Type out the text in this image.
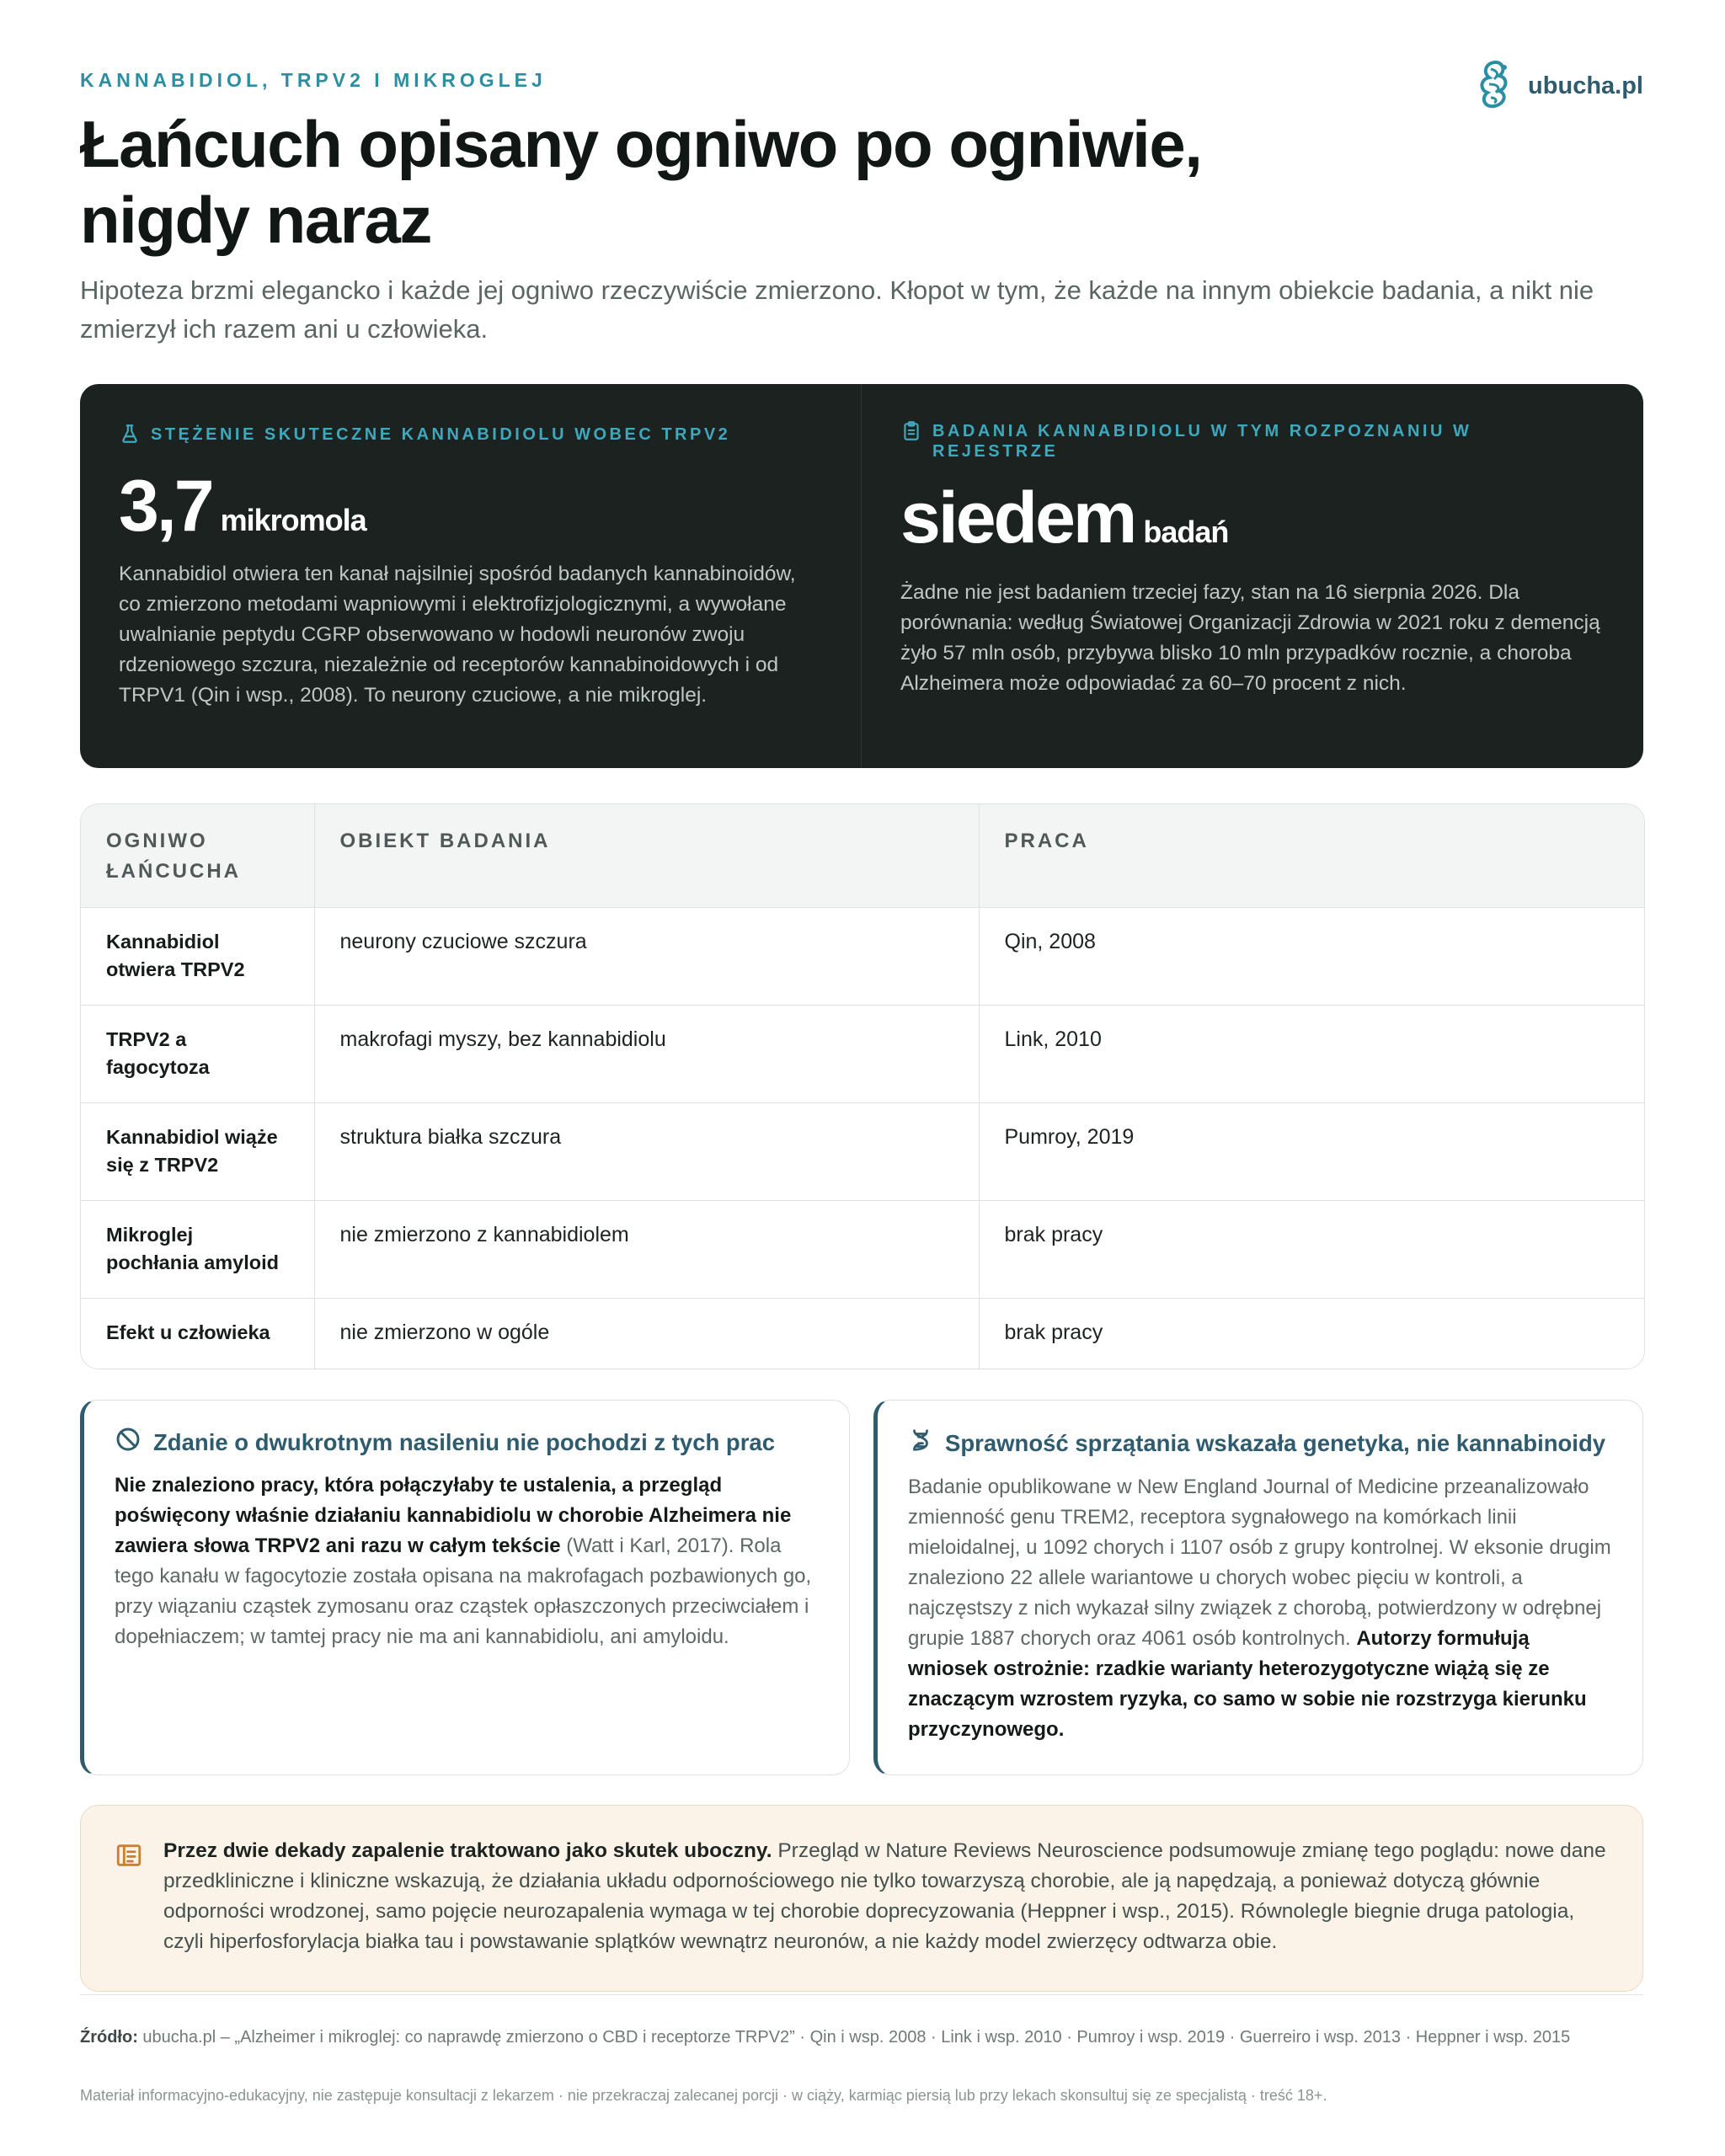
KANNABIDIOL, TRPV2 I MIKROGLEJ	ubucha.pl
Łańcuch opisany ogniwo po ogniwie,
nigdy naraz
Hipoteza brzmi elegancko i każde jej ogniwo rzeczywiście zmierzono. Kłopot w tym, że każde na innym obiekcie badania, a nikt nie zmierzył ich razem ani u człowieka.
STĘŻENIE SKUTECZNE KANNABIDIOLU WOBEC TRPV2
3,7 mikromola
Kannabidiol otwiera ten kanał najsilniej spośród badanych kannabinoidów, co zmierzono metodami wapniowymi i elektrofizjologicznymi, a wywołane uwalnianie peptydu CGRP obserwowano w hodowli neuronów zwoju rdzeniowego szczura, niezależnie od receptorów kannabinoidowych i od TRPV1 (Qin i wsp., 2008). To neurony czuciowe, a nie mikroglej.
BADANIA KANNABIDIOLU W TYM ROZPOZNANIU W REJESTRZE
siedem badań
Żadne nie jest badaniem trzeciej fazy, stan na 16 sierpnia 2026. Dla porównania: według Światowej Organizacji Zdrowia w 2021 roku z demencją żyło 57 mln osób, przybywa blisko 10 mln przypadków rocznie, a choroba Alzheimera może odpowiadać za 60–70 procent z nich.
OGNIWO ŁAŃCUCHA	OBIEKT BADANIA	PRACA
Kannabidiol otwiera TRPV2	neurony czuciowe szczura	Qin, 2008
TRPV2 a fagocytoza	makrofagi myszy, bez kannabidiolu	Link, 2010
Kannabidiol wiąże się z TRPV2	struktura białka szczura	Pumroy, 2019
Mikroglej pochłania amyloid	nie zmierzono z kannabidiolem	brak pracy
Efekt u człowieka	nie zmierzono w ogóle	brak pracy
Zdanie o dwukrotnym nasileniu nie pochodzi z tych prac
Nie znaleziono pracy, która połączyłaby te ustalenia, a przegląd poświęcony właśnie działaniu kannabidiolu w chorobie Alzheimera nie zawiera słowa TRPV2 ani razu w całym tekście (Watt i Karl, 2017). Rola tego kanału w fagocytozie została opisana na makrofagach pozbawionych go, przy wiązaniu cząstek zymosanu oraz cząstek opłaszczonych przeciwciałem i dopełniaczem; w tamtej pracy nie ma ani kannabidiolu, ani amyloidu.
Sprawność sprzątania wskazała genetyka, nie kannabinoidy
Badanie opublikowane w New England Journal of Medicine przeanalizowało zmienność genu TREM2, receptora sygnałowego na komórkach linii mieloidalnej, u 1092 chorych i 1107 osób z grupy kontrolnej. W eksonie drugim znaleziono 22 allele wariantowe u chorych wobec pięciu w kontroli, a najczęstszy z nich wykazał silny związek z chorobą, potwierdzony w odrębnej grupie 1887 chorych oraz 4061 osób kontrolnych. Autorzy formułują wniosek ostrożnie: rzadkie warianty heterozygotyczne wiążą się ze znaczącym wzrostem ryzyka, co samo w sobie nie rozstrzyga kierunku przyczynowego.
Przez dwie dekady zapalenie traktowano jako skutek uboczny. Przegląd w Nature Reviews Neuroscience podsumowuje zmianę tego poglądu: nowe dane przedkliniczne i kliniczne wskazują, że działania układu odpornościowego nie tylko towarzyszą chorobie, ale ją napędzają, a ponieważ dotyczą głównie odporności wrodzonej, samo pojęcie neurozapalenia wymaga w tej chorobie doprecyzowania (Heppner i wsp., 2015). Równolegle biegnie druga patologia, czyli hiperfosforylacja białka tau i powstawanie splątków wewnątrz neuronów, a nie każdy model zwierzęcy odtwarza obie.
Źródło: ubucha.pl – „Alzheimer i mikroglej: co naprawdę zmierzono o CBD i receptorze TRPV2” · Qin i wsp. 2008 · Link i wsp. 2010 · Pumroy i wsp. 2019 · Guerreiro i wsp. 2013 · Heppner i wsp. 2015
Materiał informacyjno-edukacyjny, nie zastępuje konsultacji z lekarzem · nie przekraczaj zalecanej porcji · w ciąży, karmiąc piersią lub przy lekach skonsultuj się ze specjalistą · treść 18+.
